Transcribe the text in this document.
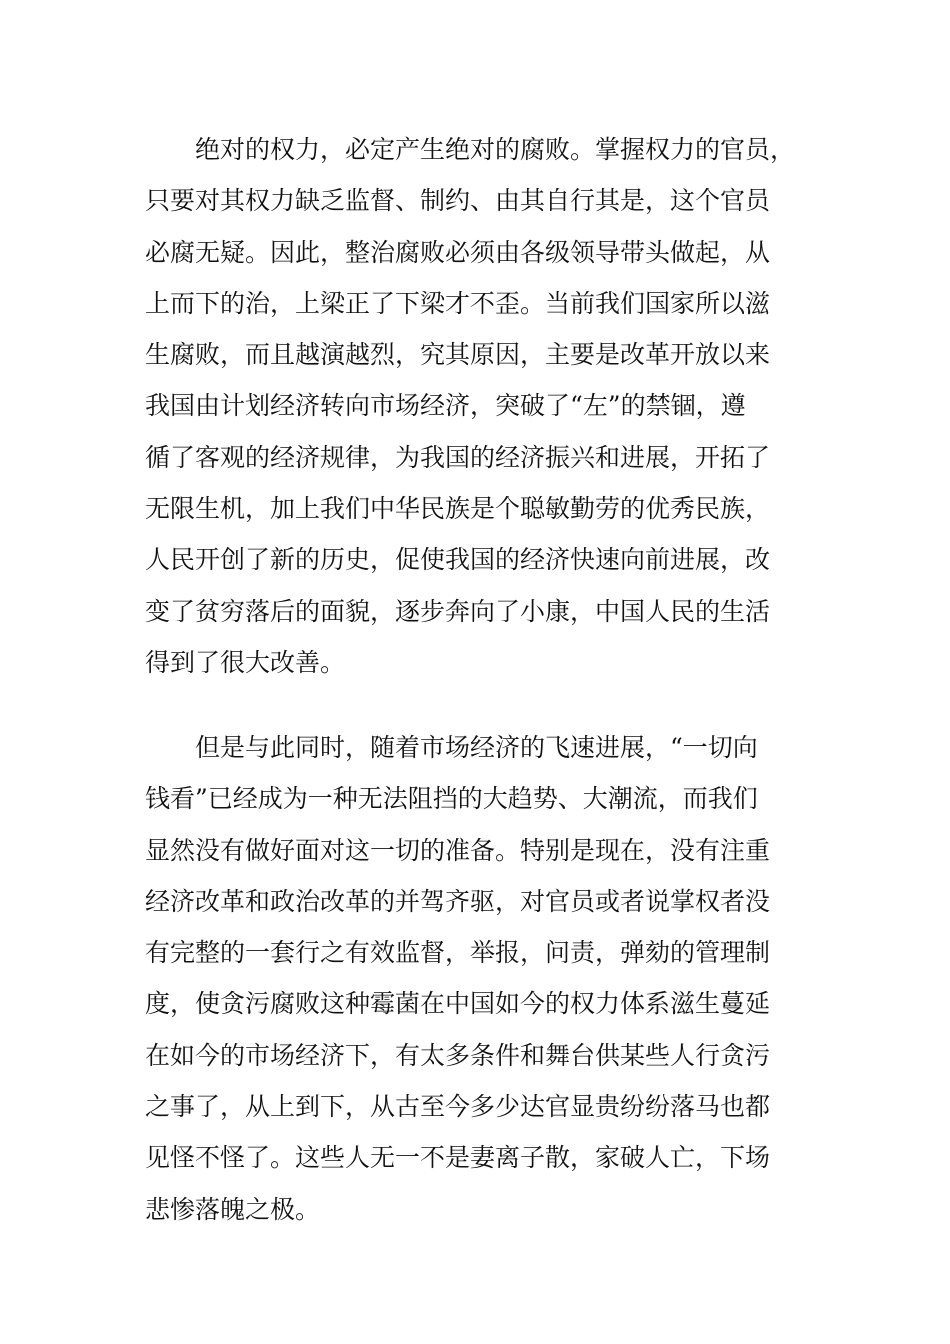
绝对的权力，必定产生绝对的腐败。掌握权力的官员，
只要对其权力缺乏监督、制约、由其自行其是，这个官员
必腐无疑。因此，整治腐败必须由各级领导带头做起，从
上而下的治，上梁正了下梁才不歪。当前我们国家所以滋
生腐败，而且越演越烈，究其原因，主要是改革开放以来
我国由计划经济转向市场经济，突破了“左”的禁锢，遵
循了客观的经济规律，为我国的经济振兴和进展，开拓了
无限生机，加上我们中华民族是个聪敏勤劳的优秀民族，
人民开创了新的历史，促使我国的经济快速向前进展，改
变了贫穷落后的面貌，逐步奔向了小康，中国人民的生活
得到了很大改善。
但是与此同时，随着市场经济的飞速进展，“一切向
钱看”已经成为一种无法阻挡的大趋势、大潮流，而我们
显然没有做好面对这一切的准备。特别是现在，没有注重
经济改革和政治改革的并驾齐驱，对官员或者说掌权者没
有完整的一套行之有效监督，举报，问责，弹劾的管理制
度，使贪污腐败这种霉菌在中国如今的权力体系滋生蔓延
在如今的市场经济下，有太多条件和舞台供某些人行贪污
之事了，从上到下，从古至今多少达官显贵纷纷落马也都
见怪不怪了。这些人无一不是妻离子散，家破人亡，下场
悲惨落魄之极。
